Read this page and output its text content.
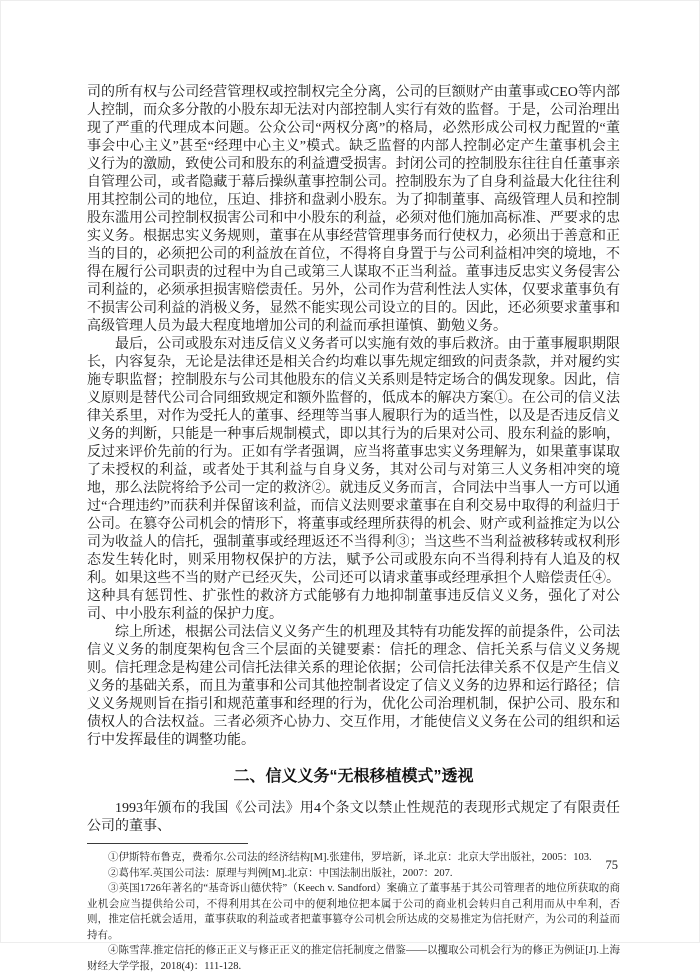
司的所有权与公司经营管理权或控制权完全分离，公司的巨额财产由董事或CEO等内部人控制，而众多分散的小股东却无法对内部控制人实行有效的监督。于是，公司治理出现了严重的代理成本问题。公众公司“两权分离”的格局，必然形成公司权力配置的“董事会中心主义”甚至“经理中心主义”模式。缺乏监督的内部人控制必定产生董事机会主义行为的激励，致使公司和股东的利益遭受损害。封闭公司的控制股东往往自任董事亲自管理公司，或者隐藏于幕后操纵董事控制公司。控制股东为了自身利益最大化往往利用其控制公司的地位，压迫、排挤和盘剥小股东。为了抑制董事、高级管理人员和控制股东滥用公司控制权损害公司和中小股东的利益，必须对他们施加高标准、严要求的忠实义务。根据忠实义务规则，董事在从事经营管理事务而行使权力，必须出于善意和正当的目的，必须把公司的利益放在首位，不得将自身置于与公司利益相冲突的境地，不得在履行公司职责的过程中为自己或第三人谋取不正当利益。董事违反忠实义务侵害公司利益的，必须承担损害赔偿责任。另外，公司作为营利性法人实体，仅要求董事负有不损害公司利益的消极义务，显然不能实现公司设立的目的。因此，还必须要求董事和高级管理人员为最大程度地增加公司的利益而承担谨慎、勤勉义务。

最后，公司或股东对违反信义义务者可以实施有效的事后救济。由于董事履职期限长，内容复杂，无论是法律还是相关合约均难以事先规定细致的问责条款，并对履约实施专职监督；控制股东与公司其他股东的信义关系则是特定场合的偶发现象。因此，信义原则是替代公司合同细致规定和额外监督的，低成本的解决方案①。在公司的信义法律关系里，对作为受托人的董事、经理等当事人履职行为的适当性，以及是否违反信义义务的判断，只能是一种事后规制模式，即以其行为的后果对公司、股东利益的影响，反过来评价先前的行为。正如有学者强调，应当将董事忠实义务理解为，如果董事谋取了未授权的利益，或者处于其利益与自身义务，其对公司与对第三人义务相冲突的境地，那么法院将给予公司一定的救济②。就违反义务而言，合同法中当事人一方可以通过“合理违约”而获利并保留该利益，而信义法则要求董事在自利交易中取得的利益归于公司。在篡夺公司机会的情形下，将董事或经理所获得的机会、财产或利益推定为以公司为收益人的信托，强制董事或经理返还不当得利③；当这些不当利益被移转或权利形态发生转化时，则采用物权保护的方法，赋予公司或股东向不当得利持有人追及的权利。如果这些不当的财产已经灭失，公司还可以请求董事或经理承担个人赔偿责任④。这种具有惩罚性、扩张性的救济方式能够有力地抑制董事违反信义义务，强化了对公司、中小股东利益的保护力度。

综上所述，根据公司法信义义务产生的机理及其特有功能发挥的前提条件，公司法信义义务的制度架构包含三个层面的关键要素：信托的理念、信托关系与信义义务规则。信托理念是构建公司信托法律关系的理论依据；公司信托法律关系不仅是产生信义义务的基础关系，而且为董事和公司其他控制者设定了信义义务的边界和运行路径；信义义务规则旨在指引和规范董事和经理的行为，优化公司治理机制，保护公司、股东和债权人的合法权益。三者必须齐心协力、交互作用，才能使信义义务在公司的组织和运行中发挥最佳的调整功能。

二、信义义务“无根移植模式”透视

1993年颁布的我国《公司法》用4个条文以禁止性规范的表现形式规定了有限责任公司的董事、

①伊斯特布鲁克，费希尔.公司法的经济结构[M].张建伟，罗培新，译.北京：北京大学出版社，2005：103.

②葛伟军.英国公司法：原理与判例[M].北京：中国法制出版社，2007：207.

③英国1726年著名的“基奇诉山德伏特”（Keech v. Sandford）案确立了董事基于其公司管理者的地位所获取的商业机会应当提供给公司，不得利用其在公司中的便利地位把本属于公司的商业机会转归自己利用而从中牟利，否则，推定信托就会适用，董事获取的利益或者把董事篡夺公司机会所达成的交易推定为信托财产，为公司的利益而持有。

④陈雪萍.推定信托的修正正义与修正正义的推定信托制度之借鉴——以攫取公司机会行为的修正为例证[J].上海财经大学学报，2018(4)：111-128.

75
